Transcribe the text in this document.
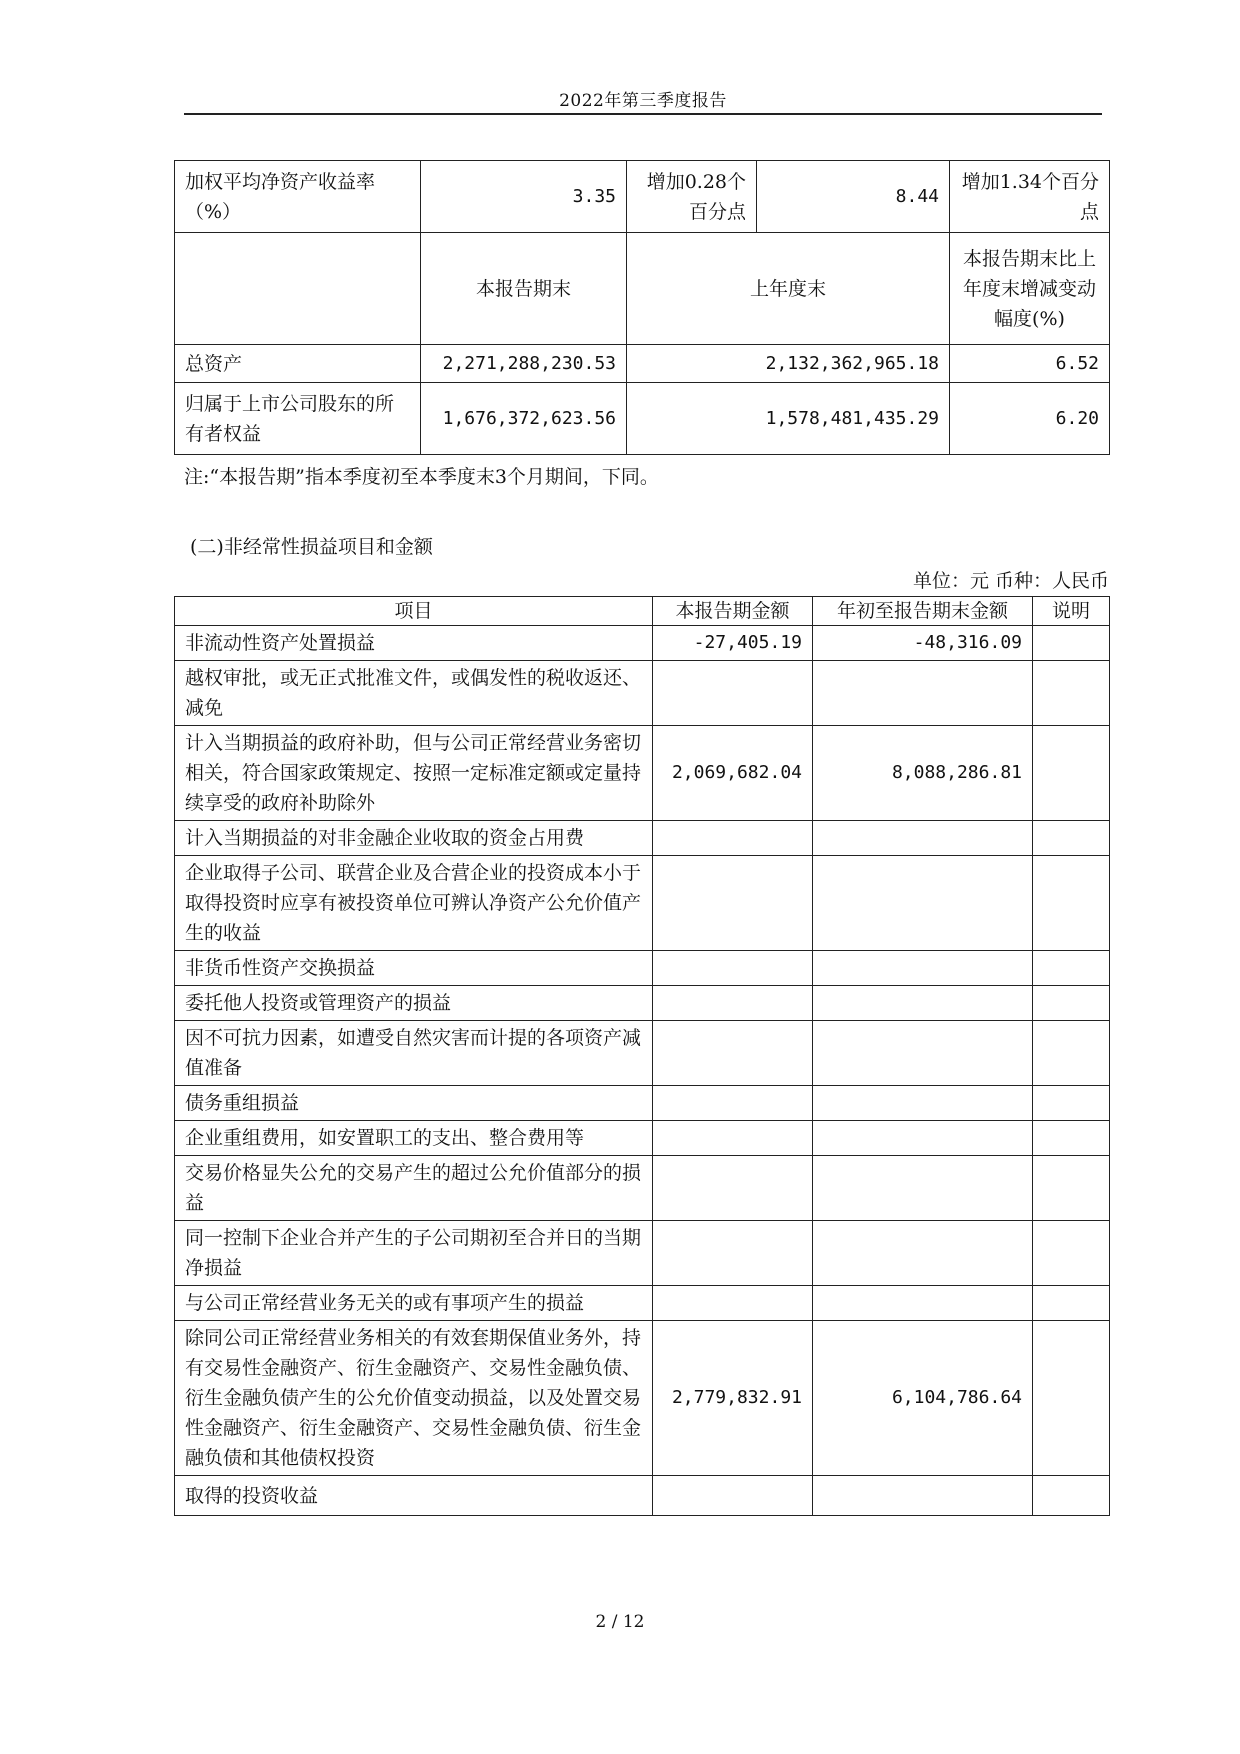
2022年第三季度报告
加权平均净资产收益率（%）	3.35	增加0.28个百分点	8.44	增加1.34个百分点
	本报告期末	上年度末		本报告期末比上年度末增减变动幅度(%)
总资产	2,271,288,230.53	2,132,362,965.18		6.52
归属于上市公司股东的所有者权益	1,676,372,623.56	1,578,481,435.29		6.20
注:“本报告期”指本季度初至本季度末3个月期间，下同。
(二)非经常性损益项目和金额
单位：元 币种：人民币
项目	本报告期金额	年初至报告期末金额	说明
非流动性资产处置损益	-27,405.19	-48,316.09	
越权审批，或无正式批准文件，或偶发性的税收返还、减免			
计入当期损益的政府补助，但与公司正常经营业务密切相关，符合国家政策规定、按照一定标准定额或定量持续享受的政府补助除外	2,069,682.04	8,088,286.81	
计入当期损益的对非金融企业收取的资金占用费			
企业取得子公司、联营企业及合营企业的投资成本小于取得投资时应享有被投资单位可辨认净资产公允价值产生的收益			
非货币性资产交换损益			
委托他人投资或管理资产的损益			
因不可抗力因素，如遭受自然灾害而计提的各项资产减值准备			
债务重组损益			
企业重组费用，如安置职工的支出、整合费用等			
交易价格显失公允的交易产生的超过公允价值部分的损益			
同一控制下企业合并产生的子公司期初至合并日的当期净损益			
与公司正常经营业务无关的或有事项产生的损益			
除同公司正常经营业务相关的有效套期保值业务外，持有交易性金融资产、衍生金融资产、交易性金融负债、衍生金融负债产生的公允价值变动损益，以及处置交易性金融资产、衍生金融资产、交易性金融负债、衍生金融负债和其他债权投资	2,779,832.91	6,104,786.64	
取得的投资收益			
2 / 12
